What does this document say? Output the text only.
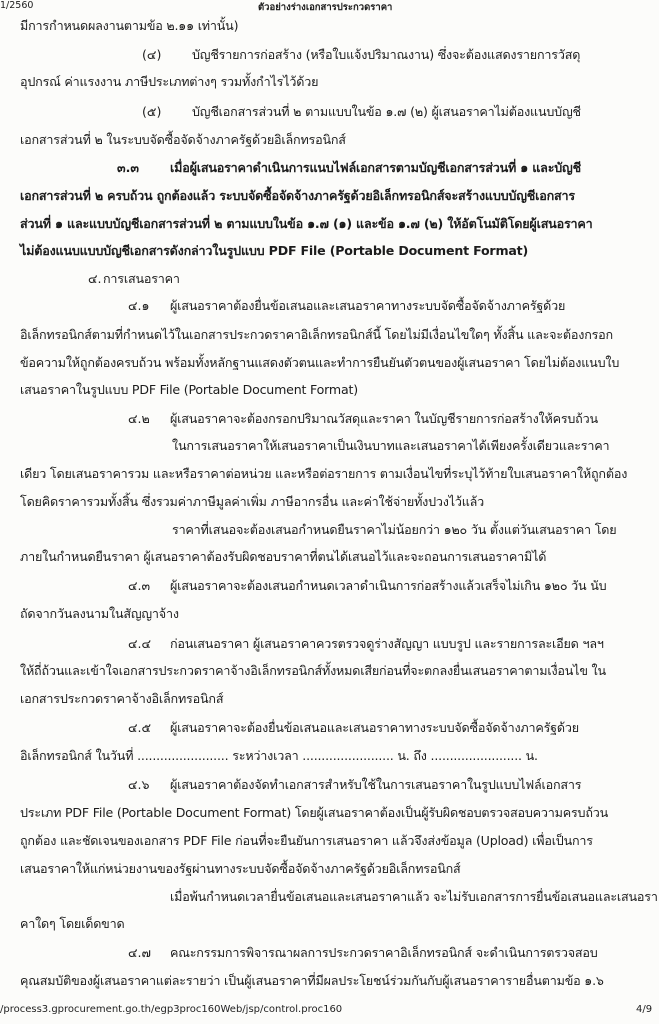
1/2560	ตัวอย่างร่างเอกสารประกวดราคา
มีการกำหนดผลงานตามข้อ ๒.๑๑ เท่านั้น)
บัญชีรายการก่อสร้าง (หรือใบแจ้งปริมาณงาน) ซึ่งจะต้องแสดงรายการวัสดุ
(๔)
อุปกรณ์ ค่าแรงงาน ภาษีประเภทต่างๆ รวมทั้งกำไรไว้ด้วย
บัญชีเอกสารส่วนที่ ๒ ตามแบบในข้อ ๑.๗ (๒) ผู้เสนอราคาไม่ต้องแนบบัญชี
(๕)
เอกสารส่วนที่ ๒ ในระบบจัดซื้อจัดจ้างภาครัฐด้วยอิเล็กทรอนิกส์
เมื่อผู้เสนอราคาดำเนินการแนบไฟล์เอกสารตามบัญชีเอกสารส่วนที่ ๑ และบัญชี
๓.๓
เอกสารส่วนที่ ๒ ครบถ้วน ถูกต้องแล้ว ระบบจัดซื้อจัดจ้างภาครัฐด้วยอิเล็กทรอนิกส์จะสร้างแบบบัญชีเอกสาร
ส่วนที่ ๑ และแบบบัญชีเอกสารส่วนที่ ๒ ตามแบบในข้อ ๑.๗ (๑) และข้อ ๑.๗ (๒) ให้อัตโนมัติโดยผู้เสนอราคา
ไม่ต้องแนบแบบบัญชีเอกสารดังกล่าวในรูปแบบ PDF File (Portable Document Format)
การเสนอราคา
๔.
ผู้เสนอราคาต้องยื่นข้อเสนอและเสนอราคาทางระบบจัดซื้อจัดจ้างภาครัฐด้วย
๔.๑
อิเล็กทรอนิกส์ตามที่กำหนดไว้ในเอกสารประกวดราคาอิเล็กทรอนิกส์นี้ โดยไม่มีเงื่อนไขใดๆ ทั้งสิ้น และจะต้องกรอก
ข้อความให้ถูกต้องครบถ้วน พร้อมทั้งหลักฐานแสดงตัวตนและทำการยืนยันตัวตนของผู้เสนอราคา โดยไม่ต้องแนบใบ
เสนอราคาในรูปแบบ PDF File (Portable Document Format)
ผู้เสนอราคาจะต้องกรอกปริมาณวัสดุและราคา ในบัญชีรายการก่อสร้างให้ครบถ้วน
๔.๒
ในการเสนอราคาให้เสนอราคาเป็นเงินบาทและเสนอราคาได้เพียงครั้งเดียวและราคา
เดียว โดยเสนอราคารวม และหรือราคาต่อหน่วย และหรือต่อรายการ ตามเงื่อนไขที่ระบุไว้ท้ายใบเสนอราคาให้ถูกต้อง
โดยคิดราคารวมทั้งสิ้น ซึ่งรวมค่าภาษีมูลค่าเพิ่ม ภาษีอากรอื่น และค่าใช้จ่ายทั้งปวงไว้แล้ว
ราคาที่เสนอจะต้องเสนอกำหนดยืนราคาไม่น้อยกว่า ๑๒๐ วัน ตั้งแต่วันเสนอราคา โดย
ภายในกำหนดยืนราคา ผู้เสนอราคาต้องรับผิดชอบราคาที่ตนได้เสนอไว้และจะถอนการเสนอราคามิได้
ผู้เสนอราคาจะต้องเสนอกำหนดเวลาดำเนินการก่อสร้างแล้วเสร็จไม่เกิน ๑๒๐ วัน นับ
๔.๓
ถัดจากวันลงนามในสัญญาจ้าง
ก่อนเสนอราคา ผู้เสนอราคาควรตรวจดูร่างสัญญา แบบรูป และรายการละเอียด ฯลฯ
๔.๔
ให้ถี่ถ้วนและเข้าใจเอกสารประกวดราคาจ้างอิเล็กทรอนิกส์ทั้งหมดเสียก่อนที่จะตกลงยื่นเสนอราคาตามเงื่อนไข ใน
เอกสารประกวดราคาจ้างอิเล็กทรอนิกส์
ผู้เสนอราคาจะต้องยื่นข้อเสนอและเสนอราคาทางระบบจัดซื้อจัดจ้างภาครัฐด้วย
๔.๕
อิเล็กทรอนิกส์ ในวันที่ ........................ ระหว่างเวลา ........................ น. ถึง ........................ น.
ผู้เสนอราคาต้องจัดทำเอกสารสำหรับใช้ในการเสนอราคาในรูปแบบไฟล์เอกสาร
๔.๖
ประเภท PDF File (Portable Document Format) โดยผู้เสนอราคาต้องเป็นผู้รับผิดชอบตรวจสอบความครบถ้วน
ถูกต้อง และชัดเจนของเอกสาร PDF File ก่อนที่จะยืนยันการเสนอราคา แล้วจึงส่งข้อมูล (Upload) เพื่อเป็นการ
เสนอราคาให้แก่หน่วยงานของรัฐผ่านทางระบบจัดซื้อจัดจ้างภาครัฐด้วยอิเล็กทรอนิกส์
เมื่อพ้นกำหนดเวลายื่นข้อเสนอและเสนอราคาแล้ว จะไม่รับเอกสารการยื่นข้อเสนอและเสนอรา
คาใดๆ โดยเด็ดขาด
คณะกรรมการพิจารณาผลการประกวดราคาอิเล็กทรอนิกส์ จะดำเนินการตรวจสอบ
๔.๗
คุณสมบัติของผู้เสนอราคาแต่ละรายว่า เป็นผู้เสนอราคาที่มีผลประโยชน์ร่วมกันกับผู้เสนอราคารายอื่นตามข้อ ๑.๖
/process3.gprocurement.go.th/egp3proc160Web/jsp/control.proc160	4/9
